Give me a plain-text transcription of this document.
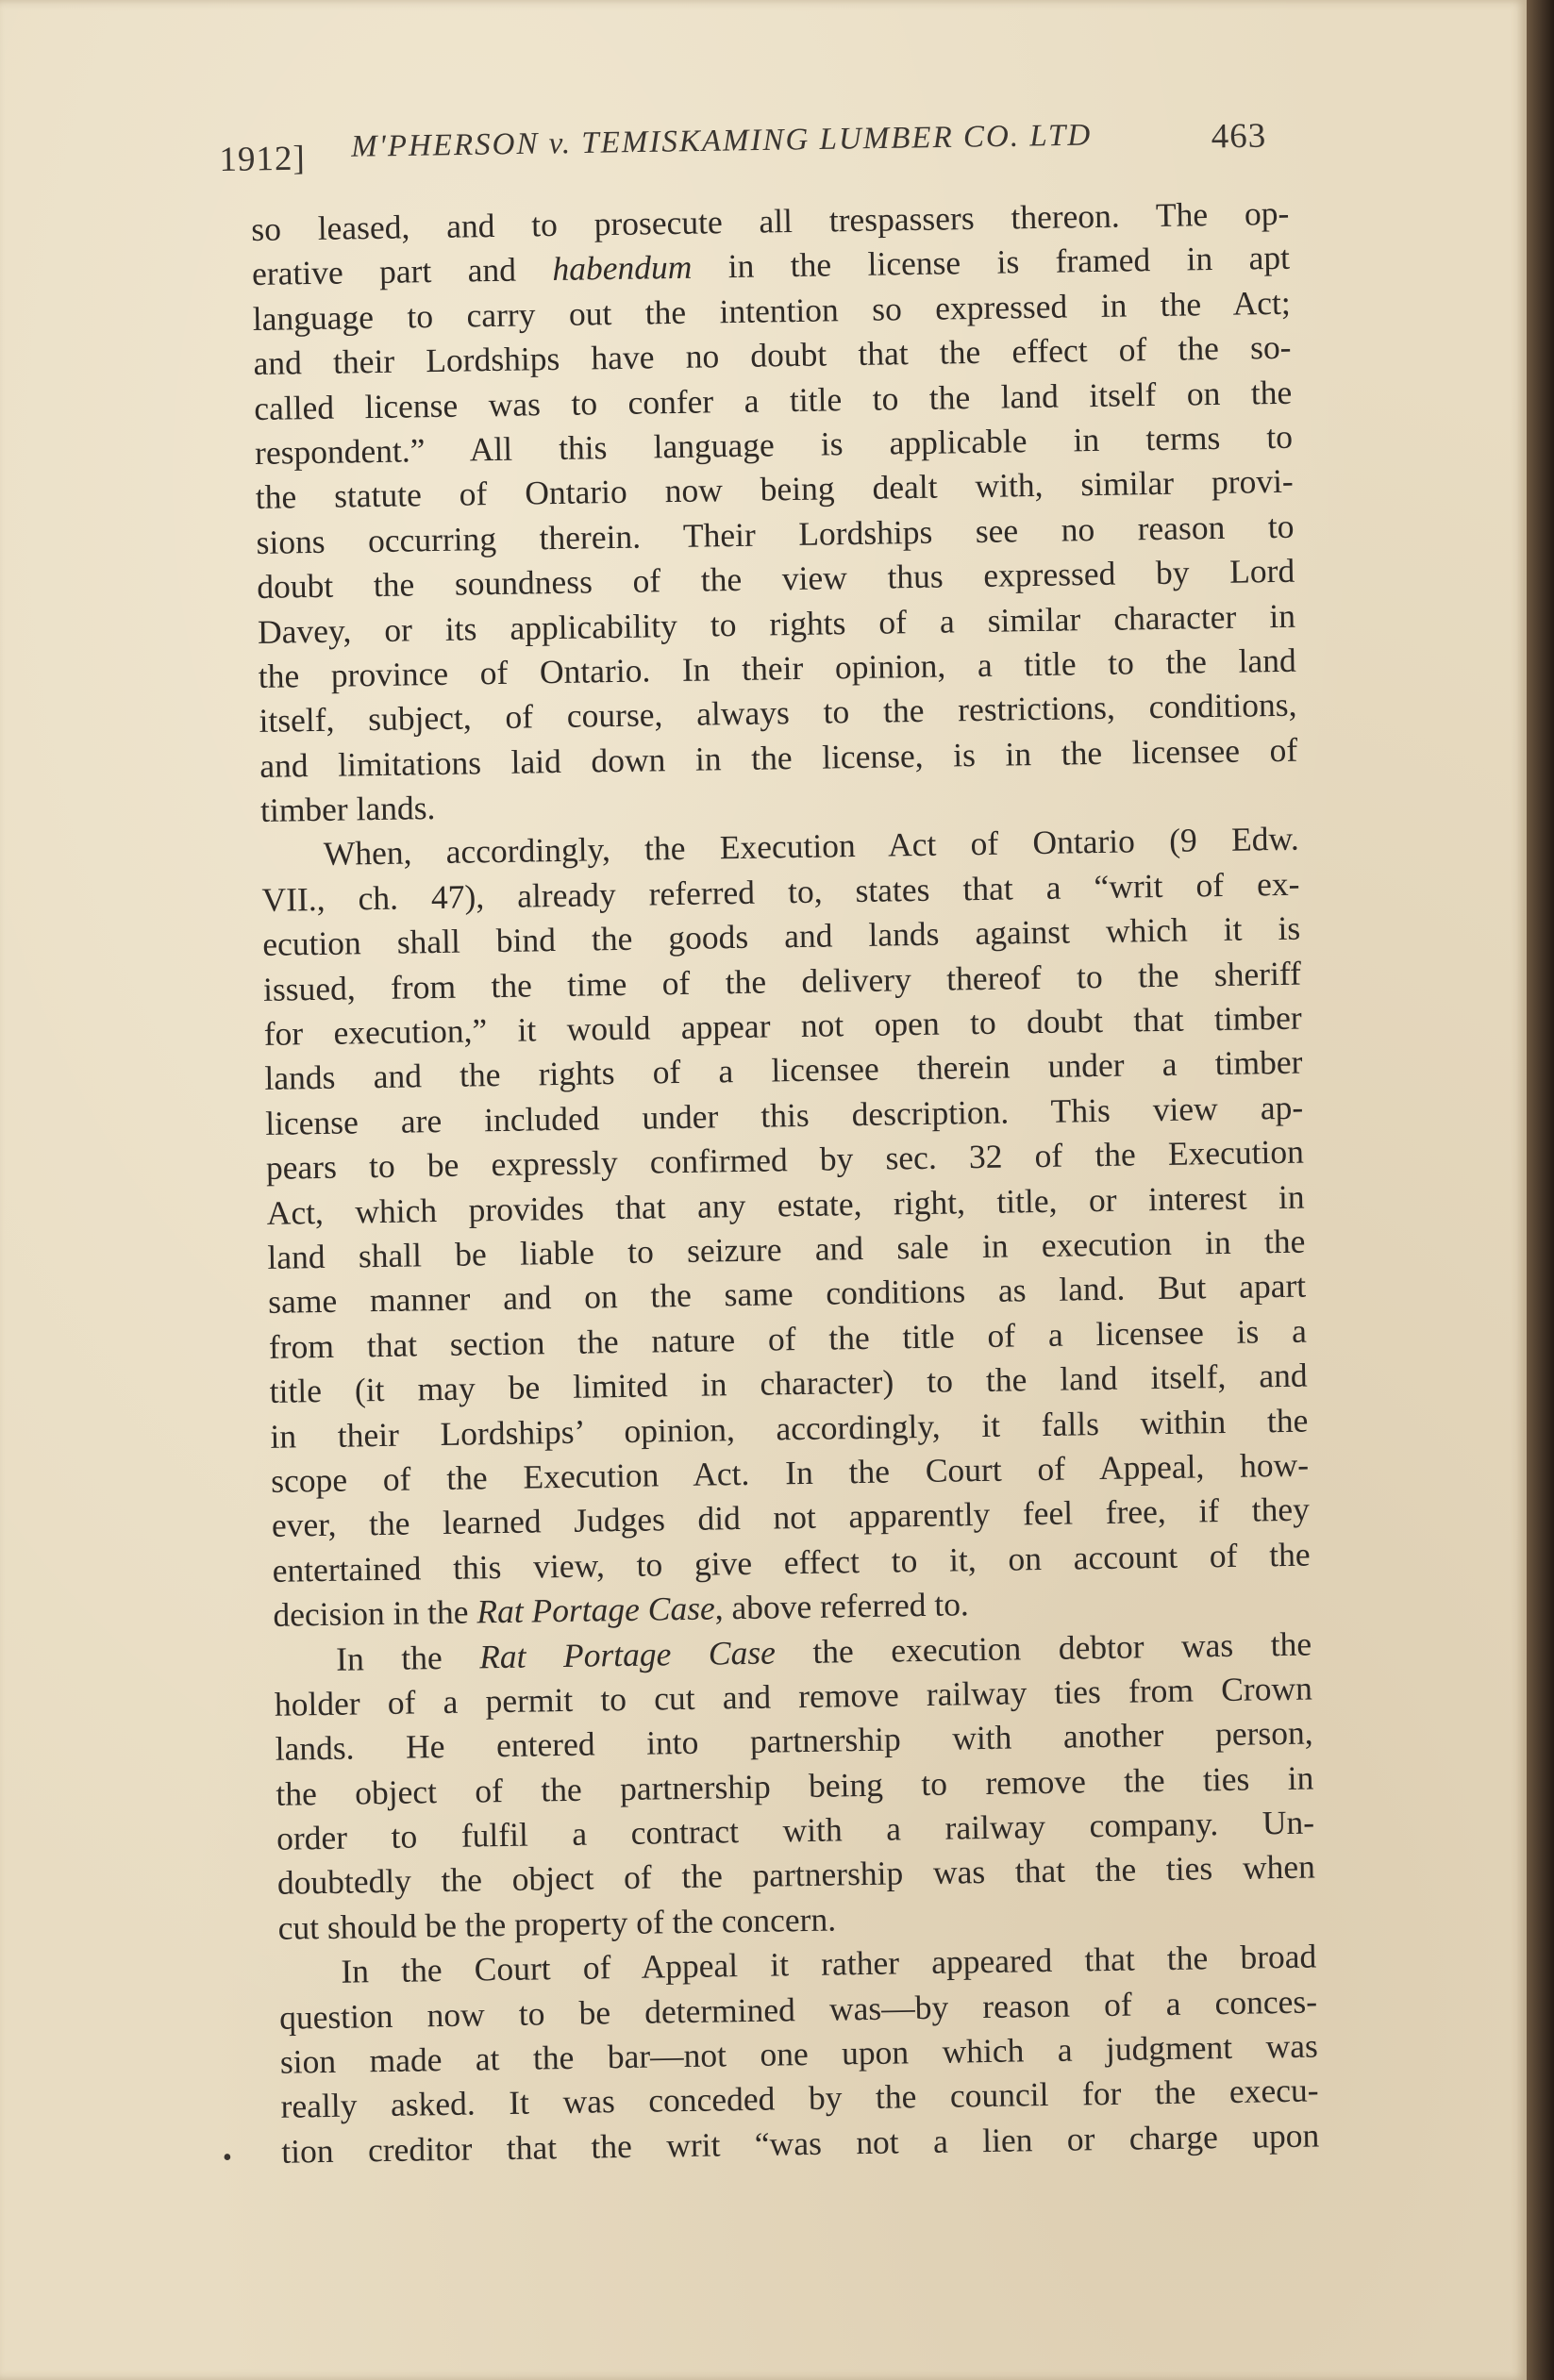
1912] M'PHERSON v. TEMISKAMING LUMBER CO. LTD	463
so leased, and to prosecute all trespassers thereon. The op-
erative part and habendum in the license is framed in apt
language to carry out the intention so expressed in the Act;
and their Lordships have no doubt that the effect of the so-
called license was to confer a title to the land itself on the
respondent.” All this language is applicable in terms to
the statute of Ontario now being dealt with, similar provi-
sions occurring therein. Their Lordships see no reason to
doubt the soundness of the view thus expressed by Lord
Davey, or its applicability to rights of a similar character in
the province of Ontario. In their opinion, a title to the land
itself, subject, of course, always to the restrictions, conditions,
and limitations laid down in the license, is in the licensee of
timber lands.
When, accordingly, the Execution Act of Ontario (9 Edw.
VII., ch. 47), already referred to, states that a “writ of ex-
ecution shall bind the goods and lands against which it is
issued, from the time of the delivery thereof to the sheriff
for execution,” it would appear not open to doubt that timber
lands and the rights of a licensee therein under a timber
license are included under this description. This view ap-
pears to be expressly confirmed by sec. 32 of the Execution
Act, which provides that any estate, right, title, or interest in
land shall be liable to seizure and sale in execution in the
same manner and on the same conditions as land. But apart
from that section the nature of the title of a licensee is a
title (it may be limited in character) to the land itself, and
in their Lordships’ opinion, accordingly, it falls within the
scope of the Execution Act. In the Court of Appeal, how-
ever, the learned Judges did not apparently feel free, if they
entertained this view, to give effect to it, on account of the
decision in the Rat Portage Case, above referred to.
In the Rat Portage Case the execution debtor was the
holder of a permit to cut and remove railway ties from Crown
lands. He entered into partnership with another person,
the object of the partnership being to remove the ties in
order to fulfil a contract with a railway company. Un-
doubtedly the object of the partnership was that the ties when
cut should be the property of the concern.
In the Court of Appeal it rather appeared that the broad
question now to be determined was—by reason of a conces-
sion made at the bar—not one upon which a judgment was
really asked. It was conceded by the council for the execu-
tion creditor that the writ “was not a lien or charge upon
•
